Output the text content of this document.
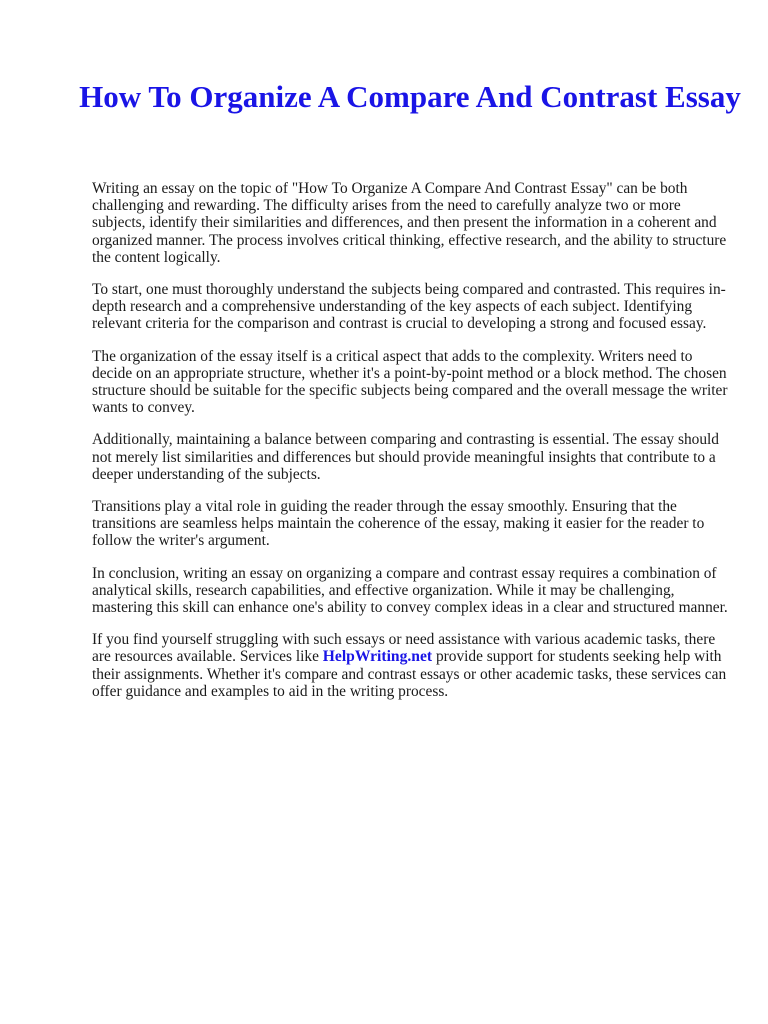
How To Organize A Compare And Contrast Essay

Writing an essay on the topic of "How To Organize A Compare And Contrast Essay" can be both challenging and rewarding. The difficulty arises from the need to carefully analyze two or more subjects, identify their similarities and differences, and then present the information in a coherent and organized manner. The process involves critical thinking, effective research, and the ability to structure the content logically.

To start, one must thoroughly understand the subjects being compared and contrasted. This requires in-depth research and a comprehensive understanding of the key aspects of each subject. Identifying relevant criteria for the comparison and contrast is crucial to developing a strong and focused essay.

The organization of the essay itself is a critical aspect that adds to the complexity. Writers need to decide on an appropriate structure, whether it's a point-by-point method or a block method. The chosen structure should be suitable for the specific subjects being compared and the overall message the writer wants to convey.

Additionally, maintaining a balance between comparing and contrasting is essential. The essay should not merely list similarities and differences but should provide meaningful insights that contribute to a deeper understanding of the subjects.

Transitions play a vital role in guiding the reader through the essay smoothly. Ensuring that the transitions are seamless helps maintain the coherence of the essay, making it easier for the reader to follow the writer's argument.

In conclusion, writing an essay on organizing a compare and contrast essay requires a combination of analytical skills, research capabilities, and effective organization. While it may be challenging, mastering this skill can enhance one's ability to convey complex ideas in a clear and structured manner.

If you find yourself struggling with such essays or need assistance with various academic tasks, there are resources available. Services like HelpWriting.net provide support for students seeking help with their assignments. Whether it's compare and contrast essays or other academic tasks, these services can offer guidance and examples to aid in the writing process.
